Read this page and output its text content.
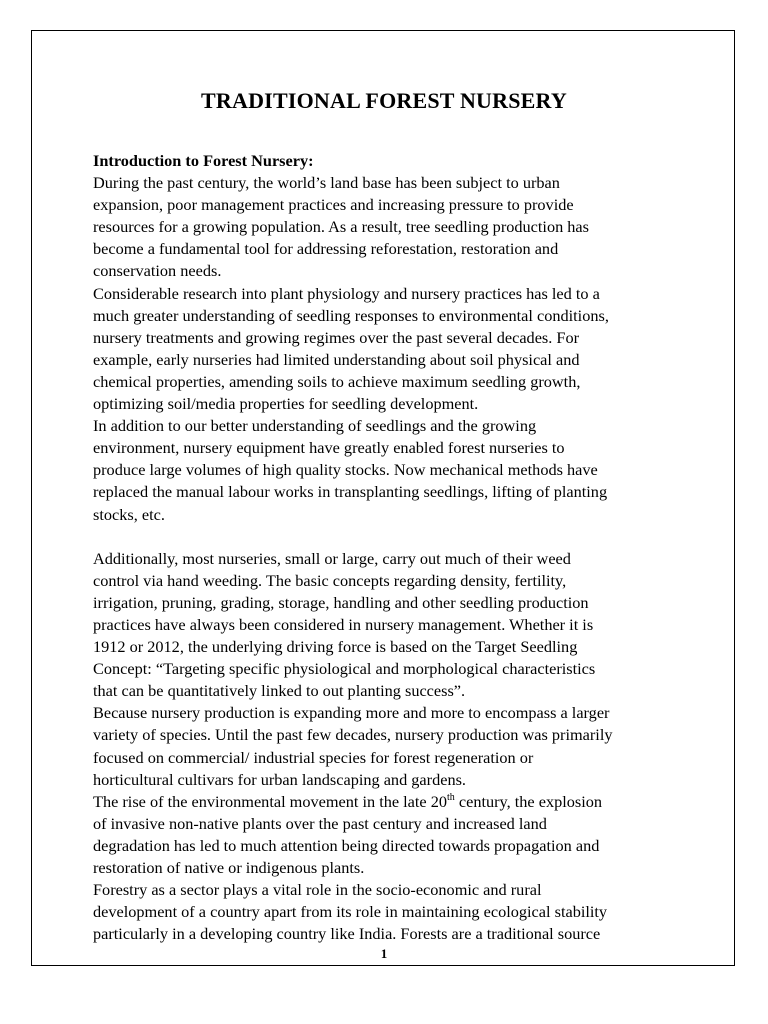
TRADITIONAL FOREST NURSERY

Introduction to Forest Nursery:

During the past century, the world’s land base has been subject to urban
expansion, poor management practices and increasing pressure to provide
resources for a growing population. As a result, tree seedling production has
become a fundamental tool for addressing reforestation, restoration and
conservation needs.

Considerable research into plant physiology and nursery practices has led to a
much greater understanding of seedling responses to environmental conditions,
nursery treatments and growing regimes over the past several decades. For
example, early nurseries had limited understanding about soil physical and
chemical properties, amending soils to achieve maximum seedling growth,
optimizing soil/media properties for seedling development.

In addition to our better understanding of seedlings and the growing
environment, nursery equipment have greatly enabled forest nurseries to
produce large volumes of high quality stocks. Now mechanical methods have
replaced the manual labour works in transplanting seedlings, lifting of planting
stocks, etc.

Additionally, most nurseries, small or large, carry out much of their weed
control via hand weeding. The basic concepts regarding density, fertility,
irrigation, pruning, grading, storage, handling and other seedling production
practices have always been considered in nursery management. Whether it is
1912 or 2012, the underlying driving force is based on the Target Seedling
Concept: “Targeting specific physiological and morphological characteristics
that can be quantitatively linked to out planting success”.

Because nursery production is expanding more and more to encompass a larger
variety of species. Until the past few decades, nursery production was primarily
focused on commercial/ industrial species for forest regeneration or
horticultural cultivars for urban landscaping and gardens.

The rise of the environmental movement in the late 20th century, the explosion
of invasive non-native plants over the past century and increased land
degradation has led to much attention being directed towards propagation and
restoration of native or indigenous plants.

Forestry as a sector plays a vital role in the socio-economic and rural
development of a country apart from its role in maintaining ecological stability
particularly in a developing country like India. Forests are a traditional source

1
